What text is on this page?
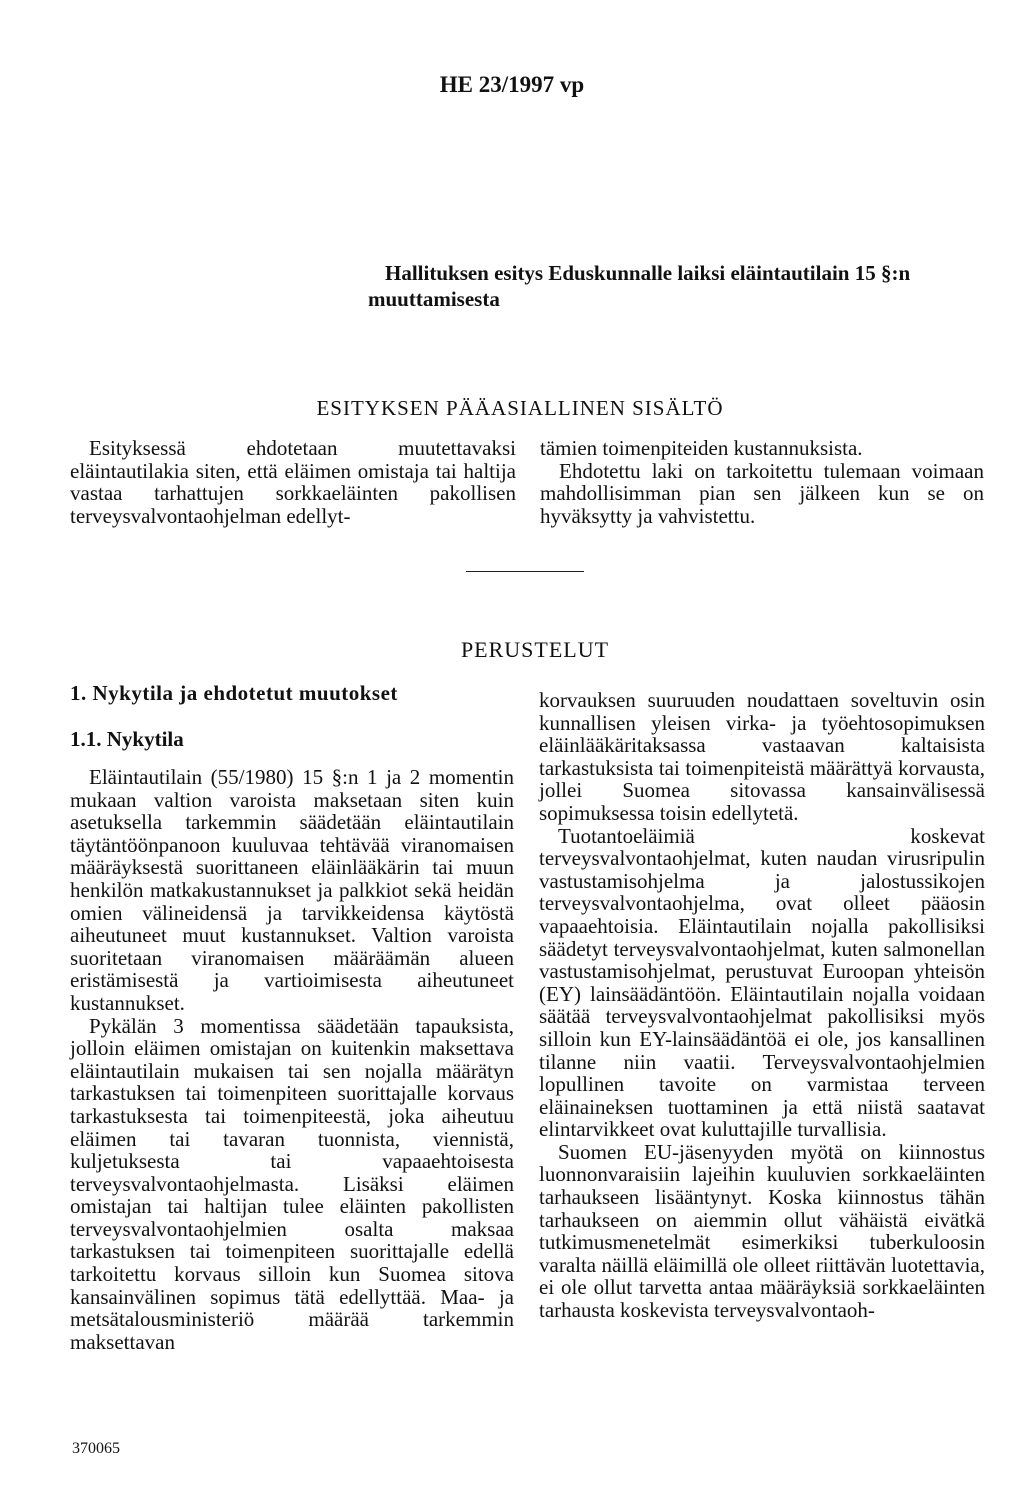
HE 23/1997 vp
Hallituksen esitys Eduskunnalle laiksi eläintautilain 15 §:n
muuttamisesta
ESITYKSEN PÄÄASIALLINEN SISÄLTÖ

Esityksessä ehdotetaan muutettavaksi eläintautilakia siten, että eläimen omistaja tai haltija vastaa tarhattujen sorkkaeläinten pakollisen terveysvalvontaohjelman edellyt-

tämien toimenpiteiden kustannuksista.

Ehdotettu laki on tarkoitettu tulemaan voimaan mahdollisimman pian sen jälkeen kun se on hyväksytty ja vahvistettu.

PERUSTELUT
1. Nykytila ja ehdotetut muutokset
1.1. Nykytila

Eläintautilain (55/1980) 15 §:n 1 ja 2 momentin mukaan valtion varoista maksetaan siten kuin asetuksella tarkemmin säädetään eläintautilain täytäntöönpanoon kuuluvaa tehtävää viranomaisen määräyksestä suorittaneen eläinlääkärin tai muun henkilön matkakustannukset ja palkkiot sekä heidän omien välineidensä ja tarvikkeidensa käytöstä aiheutuneet muut kustannukset. Valtion varoista suoritetaan viranomaisen määräämän alueen eristämisestä ja vartioimisesta aiheutuneet kustannukset.

Pykälän 3 momentissa säädetään tapauksista, jolloin eläimen omistajan on kuitenkin maksettava eläintautilain mukaisen tai sen nojalla määrätyn tarkastuksen tai toimenpiteen suorittajalle korvaus tarkastuksesta tai toimenpiteestä, joka aiheutuu eläimen tai tavaran tuonnista, viennistä, kuljetuksesta tai vapaaehtoisesta terveysvalvontaohjelmasta. Lisäksi eläimen omistajan tai haltijan tulee eläinten pakollisten terveysvalvontaohjelmien osalta maksaa tarkastuksen tai toimenpiteen suorittajalle edellä tarkoitettu korvaus silloin kun Suomea sitova kansainvälinen sopimus tätä edellyttää. Maa- ja metsätalousministeriö määrää tarkemmin maksettavan

korvauksen suuruuden noudattaen soveltuvin osin kunnallisen yleisen virka- ja työehtosopimuksen eläinlääkäritaksassa vastaavan kaltaisista tarkastuksista tai toimenpiteistä määrättyä korvausta, jollei Suomea sitovassa kansainvälisessä sopimuksessa toisin edellytetä.

Tuotantoeläimiä koskevat terveysvalvontaohjelmat, kuten naudan virusripulin vastustamisohjelma ja jalostussikojen terveysvalvontaohjelma, ovat olleet pääosin vapaaehtoisia. Eläintautilain nojalla pakollisiksi säädetyt terveysvalvontaohjelmat, kuten salmonellan vastustamisohjelmat, perustuvat Euroopan yhteisön (EY) lainsäädäntöön. Eläintautilain nojalla voidaan säätää terveysvalvontaohjelmat pakollisiksi myös silloin kun EY-lainsäädäntöä ei ole, jos kansallinen tilanne niin vaatii. Terveysvalvontaohjelmien lopullinen tavoite on varmistaa terveen eläinaineksen tuottaminen ja että niistä saatavat elintarvikkeet ovat kuluttajille turvallisia.

Suomen EU-jäsenyyden myötä on kiinnostus luonnonvaraisiin lajeihin kuuluvien sorkkaeläinten tarhaukseen lisääntynyt. Koska kiinnostus tähän tarhaukseen on aiemmin ollut vähäistä eivätkä tutkimusmenetelmät esimerkiksi tuberkuloosin varalta näillä eläimillä ole olleet riittävän luotettavia, ei ole ollut tarvetta antaa määräyksiä sorkkaeläinten tarhausta koskevista terveysvalvontaoh-

370065
